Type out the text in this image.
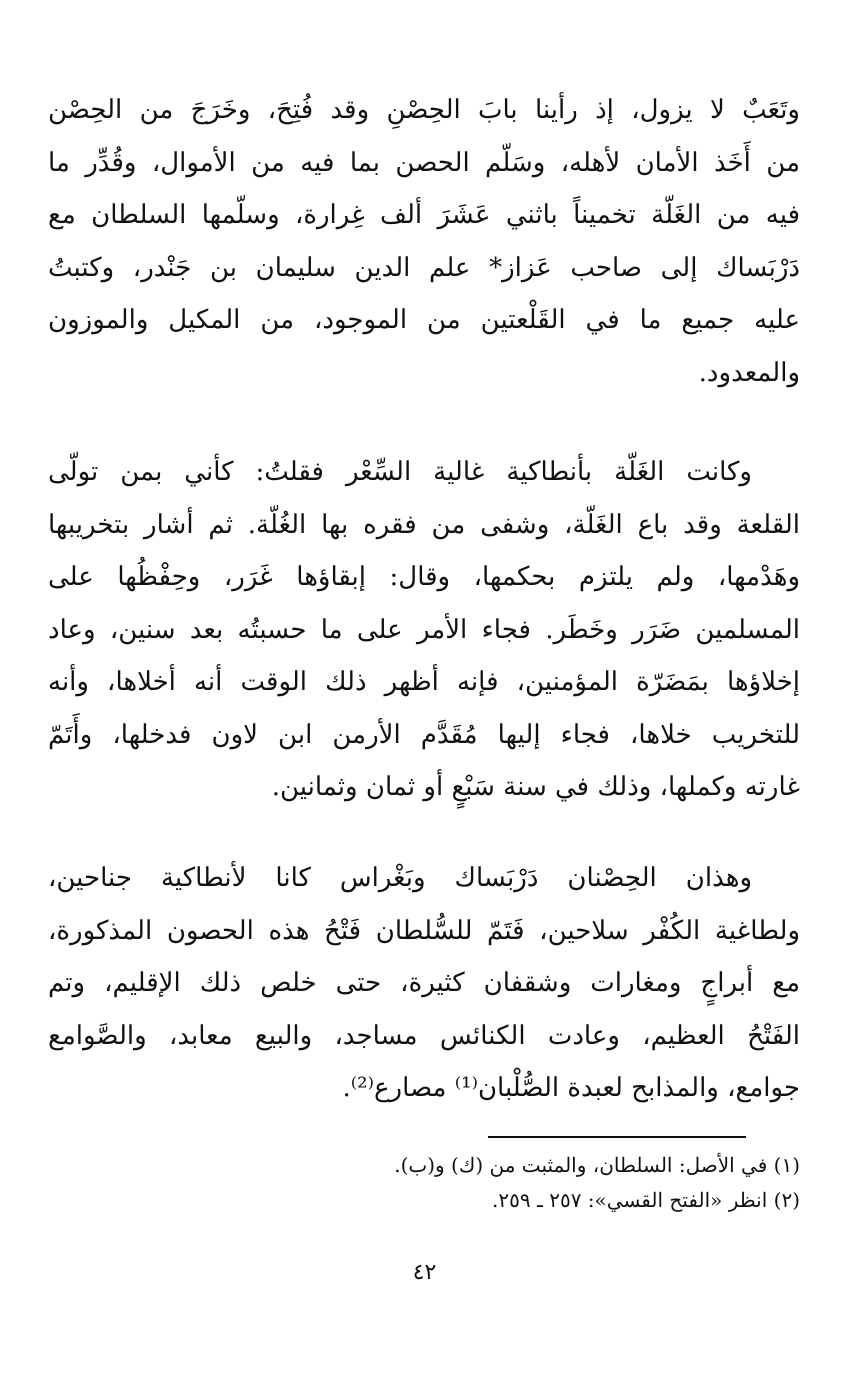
وتَعَبٌ لا يزول، إذ رأينا بابَ الحِصْنِ وقد فُتِحَ، وخَرَجَ من الحِصْن
من أَخَذ الأمان لأهله، وسَلّم الحصن بما فيه من الأموال، وقُدِّر ما
فيه من الغَلّة تخميناً باثني عَشَرَ ألف غِرارة، وسلّمها السلطان مع
دَرْبَساك إلى صاحب عَزاز* علم الدين سليمان بن جَنْدر، وكتبتُ
عليه جميع ما في القَلْعتين من الموجود، من المكيل والموزون
والمعدود.
وكانت الغَلّة بأنطاكية غالية السِّعْر فقلتُ: كأني بمن تولّى
القلعة وقد باع الغَلّة، وشفى من فقره بها الغُلّة. ثم أشار بتخريبها
وهَدْمها، ولم يلتزم بحكمها، وقال: إبقاؤها غَرَر، وحِفْظُها على
المسلمين ضَرَر وخَطَر. فجاء الأمر على ما حسبتُه بعد سنين، وعاد
إخلاؤها بمَضَرّة المؤمنين، فإنه أظهر ذلك الوقت أنه أخلاها، وأنه
للتخريب خلاها، فجاء إليها مُقَدَّم الأرمن ابن لاون فدخلها، وأَتَمّ
غارته وكملها، وذلك في سنة سَبْعٍ أو ثمان وثمانين.
وهذان الحِصْنان دَرْبَساك وبَغْراس كانا لأنطاكية جناحين،
ولطاغية الكُفْر سلاحين، فَتَمّ للسُّلطان فَتْحُ هذه الحصون المذكورة،
مع أبراجٍ ومغارات وشقفان كثيرة، حتى خلص ذلك الإقليم، وتم
الفَتْحُ العظيم، وعادت الكنائس مساجد، والبيع معابد، والصَّوامع
جوامع، والمذابح لعبدة الصُّلْبان⁽¹⁾ مصارع⁽²⁾.
(١) في الأصل: السلطان، والمثبت من (ك) و(ب).
(٢) انظر «الفتح القسي»: ٢٥٧ ـ ٢٥٩.
٤٢
